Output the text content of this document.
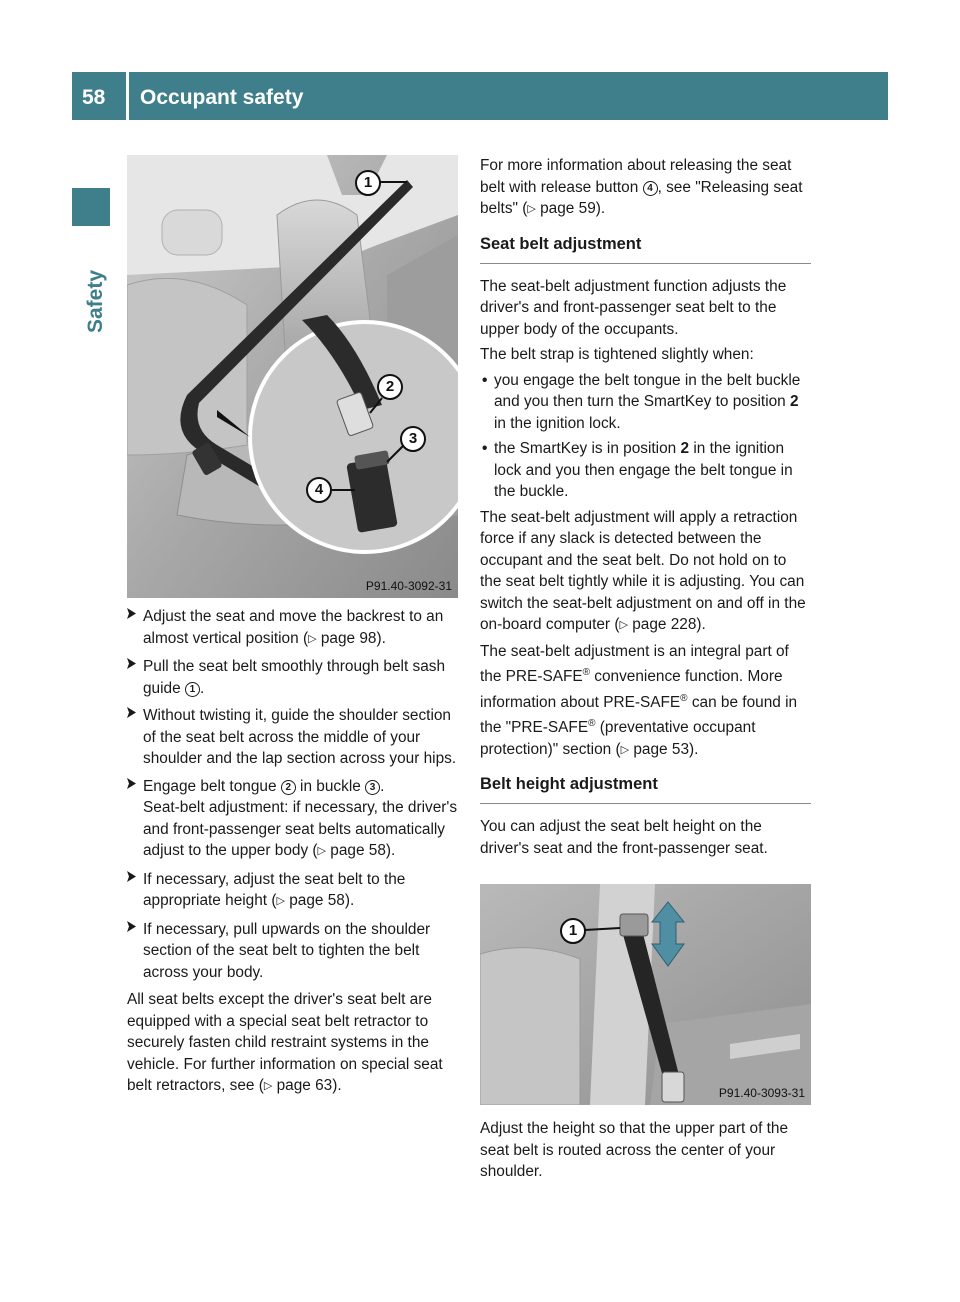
58 Occupant safety
Safety
1
2
3
4
P91.40-3092-31
Adjust the seat and move the backrest to an almost vertical position (▷ page 98).
Pull the seat belt smoothly through belt sash guide 1 .
Without twisting it, guide the shoulder section of the seat belt across the middle of your shoulder and the lap section across your hips.
Engage belt tongue 2 in buckle 3 .
Seat-belt adjustment: if necessary, the driver's and front-passenger seat belts automatically adjust to the upper body (▷ page 58).
If necessary, adjust the seat belt to the appropriate height (▷ page 58).
If necessary, pull upwards on the shoulder section of the seat belt to tighten the belt across your body.
All seat belts except the driver's seat belt are equipped with a special seat belt retractor to securely fasten child restraint systems in the vehicle. For further information on special seat belt retractors, see (▷ page 63).
For more information about releasing the seat belt with release button 4 , see "Releasing seat belts" (▷ page 59).
Seat belt adjustment
The seat-belt adjustment function adjusts the driver's and front-passenger seat belt to the upper body of the occupants.
The belt strap is tightened slightly when:
• you engage the belt tongue in the belt buckle and you then turn the SmartKey to position 2 in the ignition lock.
• the SmartKey is in position 2 in the ignition lock and you then engage the belt tongue in the buckle.
The seat-belt adjustment will apply a retraction force if any slack is detected between the occupant and the seat belt. Do not hold on to the seat belt tightly while it is adjusting. You can switch the seat-belt adjustment on and off in the on-board computer (▷ page 228).
The seat-belt adjustment is an integral part of the PRE-SAFE® convenience function. More information about PRE-SAFE® can be found in the "PRE-SAFE® (preventative occupant protection)" section (▷ page 53).
Belt height adjustment
You can adjust the seat belt height on the driver's seat and the front-passenger seat.
1
P91.40-3093-31
Adjust the height so that the upper part of the seat belt is routed across the center of your shoulder.
